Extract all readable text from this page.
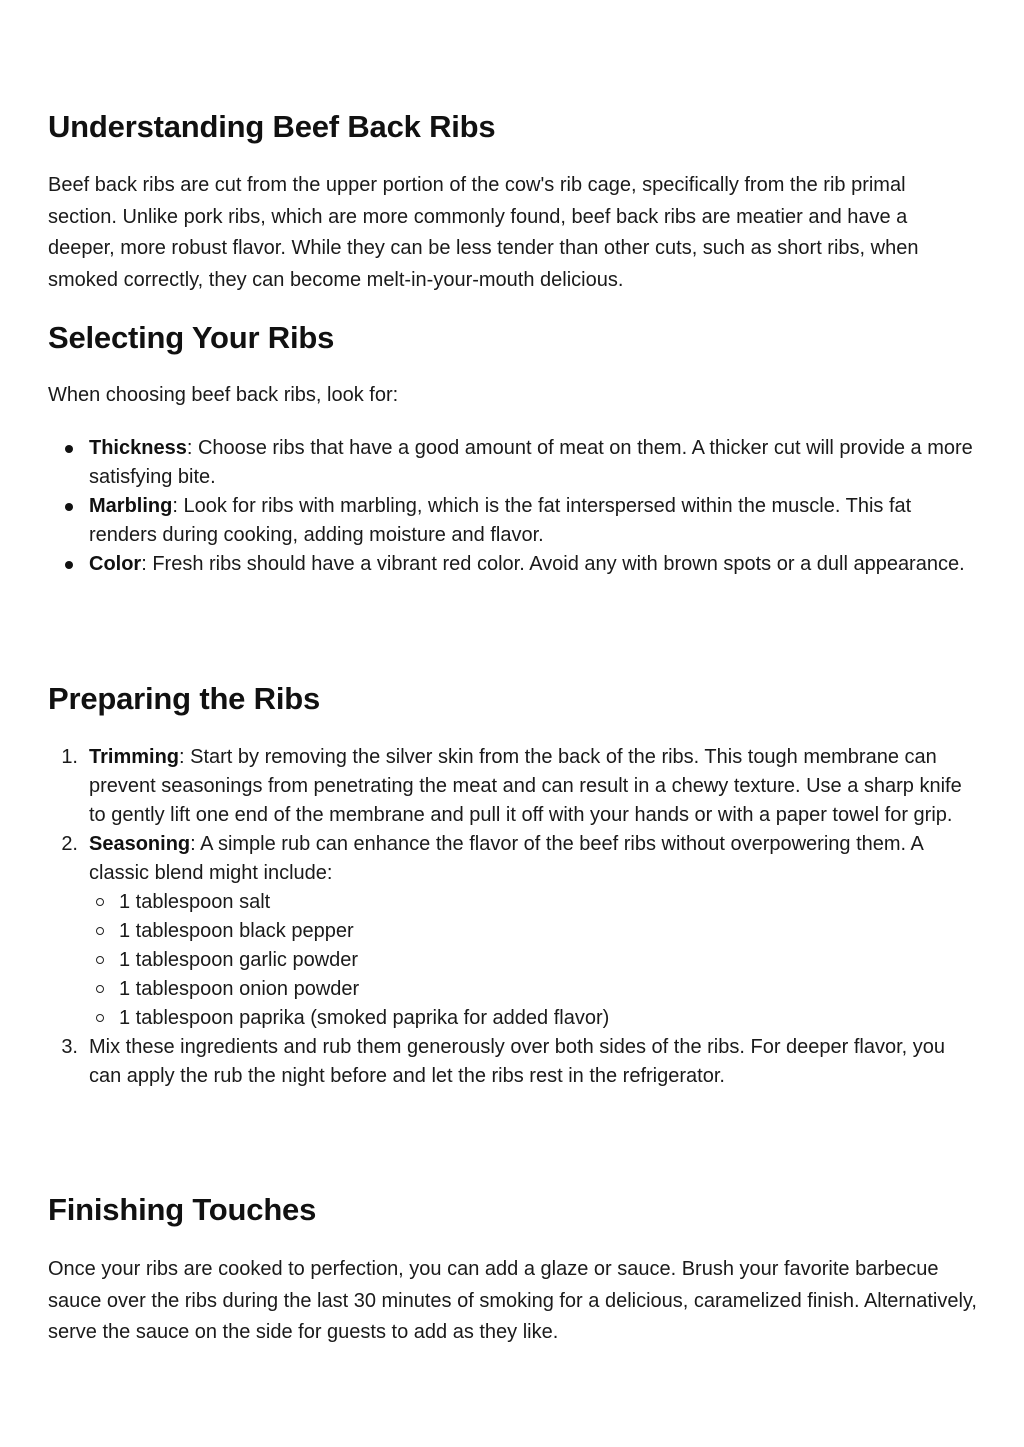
Understanding Beef Back Ribs

Beef back ribs are cut from the upper portion of the cow's rib cage, specifically from the rib primal section. Unlike pork ribs, which are more commonly found, beef back ribs are meatier and have a deeper, more robust flavor. While they can be less tender than other cuts, such as short ribs, when smoked correctly, they can become melt-in-your-mouth delicious.

Selecting Your Ribs

When choosing beef back ribs, look for:

Thickness: Choose ribs that have a good amount of meat on them. A thicker cut will provide a more satisfying bite.
Marbling: Look for ribs with marbling, which is the fat interspersed within the muscle. This fat renders during cooking, adding moisture and flavor.
Color: Fresh ribs should have a vibrant red color. Avoid any with brown spots or a dull appearance.
Preparing the Ribs
1. Trimming: Start by removing the silver skin from the back of the ribs. This tough membrane can prevent seasonings from penetrating the meat and can result in a chewy texture. Use a sharp knife to gently lift one end of the membrane and pull it off with your hands or with a paper towel for grip.
2. Seasoning: A simple rub can enhance the flavor of the beef ribs without overpowering them. A classic blend might include:
1 tablespoon salt
1 tablespoon black pepper
1 tablespoon garlic powder
1 tablespoon onion powder
1 tablespoon paprika (smoked paprika for added flavor)
3. Mix these ingredients and rub them generously over both sides of the ribs. For deeper flavor, you can apply the rub the night before and let the ribs rest in the refrigerator.
Finishing Touches

Once your ribs are cooked to perfection, you can add a glaze or sauce. Brush your favorite barbecue sauce over the ribs during the last 30 minutes of smoking for a delicious, caramelized finish. Alternatively, serve the sauce on the side for guests to add as they like.
